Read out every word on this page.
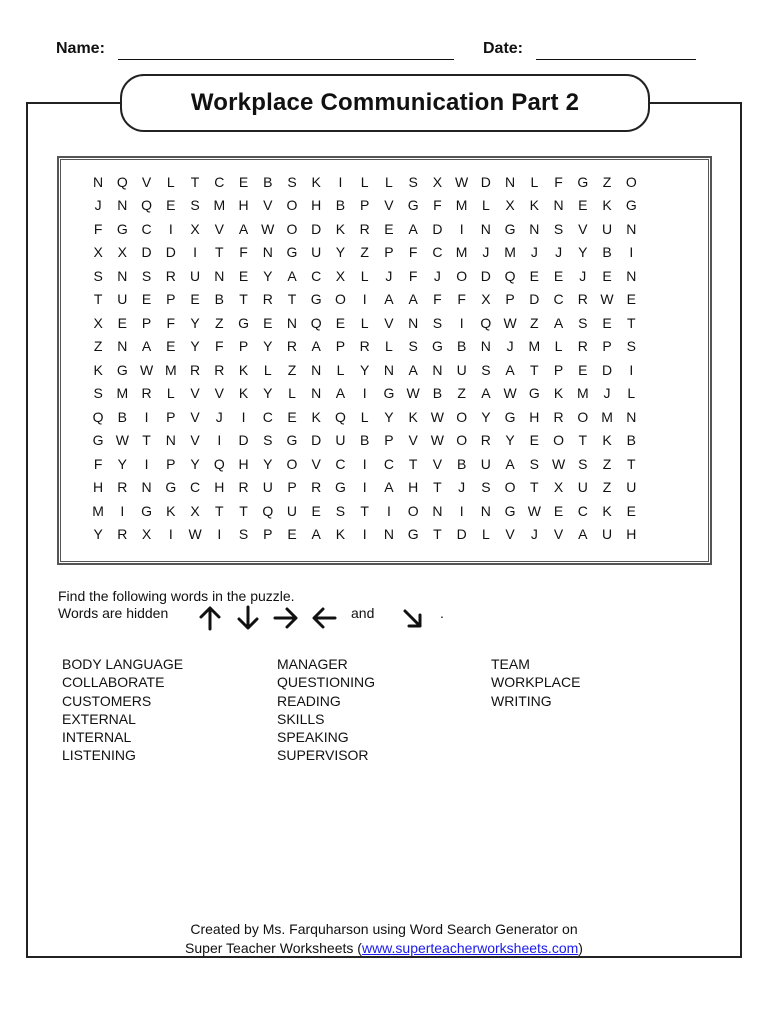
Name:	Date:
Workplace Communication Part 2
N Q	V	L	T	C	E	B	S	K	I	L	L	S	X W D	N	L	F	G	Z	O
J	N Q	E	S M H	V	O H	B	P	V	G	F	M	L	X	K	N	E	K	G
F	G C	I	X	V	A W O D	K	R	E	A	D	I	N G N	S	V	U	N
X	X	D	D	I	T	F	N G U	Y	Z	P	F	C M	J	M	J	J	Y	B	I
S	N	S	R	U	N	E	Y	A	C	X	L	J	F	J	O D Q	E	E	J	E	N
T	U	E	P	E	B	T	R	T	G O	I	A	A	F	F	X	P	D	C	R W E
X	E	P	F	Y	Z	G	E	N Q	E	L	V	N	S	I	Q W Z	A	S	E	T
Z	N	A	E	Y	F	P	Y	R	A	P	R	L	S	G	B	N	J	M	L	R	P	S
K	G W M R	R	K	L	Z	N	L	Y	N	A	N	U	S	A	T	P	E	D	I
S M R	L	V	V	K	Y	L	N	A	I	G W B	Z	A W G	K M	J	L
Q	B	I	P	V	J	I	C	E	K	Q	L	Y	K W O	Y	G H	R O M N
G W T	N	V	I	D	S	G D	U	B	P	V W O R	Y	E	O	T	K	B
F	Y	I	P	Y	Q H	Y	O	V	C	I	C	T	V	B	U	A	S W S	Z	T
H	R	N G C	H	R	U	P	R G	I	A	H	T	J	S	O	T	X	U	Z	U
M	I	G	K	X	T	T	Q U	E	S	T	I	O N	I	N G W E	C	K	E
Y	R	X	I	W	I	S	P	E	A	K	I	N G	T	D	L	V	J	V	A	U	H
Find the following words in the puzzle.
Words are hidden	and	.
BODY LANGUAGE
COLLABORATE
CUSTOMERS
EXTERNAL
INTERNAL
LISTENING
MANAGER
QUESTIONING
READING
SKILLS
SPEAKING
SUPERVISOR
TEAM
WORKPLACE
WRITING
Created by Ms. Farquharson using Word Search Generator on
Super Teacher Worksheets (www.superteacherworksheets.com)
